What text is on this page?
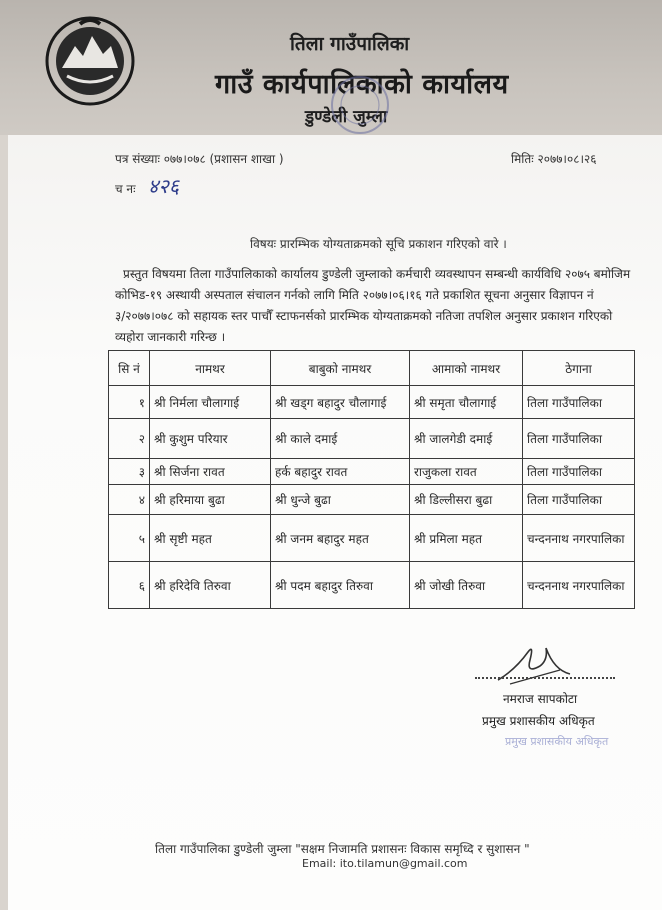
तिला गाउँपालिका
गाउँ कार्यपालिकाको कार्यालय
डुण्डेली जुम्ला
पत्र संख्याः ०७७।०७८ (प्रशासन शाखा )	मितिः २०७७।०८।२६
च नः ४२६
विषयः प्रारम्भिक योग्यताक्रमको सूचि प्रकाशन गरिएको वारे ।
प्रस्तुत विषयमा तिला गाउँपालिकाको कार्यालय डुण्डेली जुम्लाको कर्मचारी व्यवस्थापन सम्बन्धी कार्यविधि २०७५ बमोजिम कोभिड-१९ अस्थायी अस्पताल संचालन गर्नको लागि मिति २०७७।०६।१६ गते प्रकाशित सूचना अनुसार विज्ञापन नं ३/२०७७।०७८ को सहायक स्तर पाचौँ स्टाफनर्सको प्रारम्भिक योग्यताक्रमको नतिजा तपशिल अनुसार प्रकाशन गरिएको व्यहोरा जानकारी गरिन्छ ।
सि नं	नामथर	बाबुको नामथर	आमाको नामथर	ठेगाना
१	श्री निर्मला चौलागाई	श्री खड्ग बहादुर चौलागाई	श्री समृता चौलागाई	तिला गाउँपालिका
२	श्री कुशुम परियार	श्री काले दमाई	श्री जालगेडी दमाई	तिला गाउँपालिका
३	श्री सिर्जना रावत	हर्क बहादुर रावत	राजुकला रावत	तिला गाउँपालिका
४	श्री हरिमाया बुढा	श्री धुन्जे बुढा	श्री डिल्लीसरा बुढा	तिला गाउँपालिका
५	श्री सृष्टी महत	श्री जनम बहादुर महत	श्री प्रमिला महत	चन्दननाथ नगरपालिका
६	श्री हरिदेवि तिरुवा	श्री पदम बहादुर तिरुवा	श्री जोखी तिरुवा	चन्दननाथ नगरपालिका
नमराज सापकोटा
प्रमुख प्रशासकीय अधिकृत
प्रमुख प्रशासकीय अधिकृत
तिला गाउँपालिका डुण्डेली जुम्ला "सक्षम निजामति प्रशासनः विकास समृध्दि र सुशासन "
Email: ito.tilamun@gmail.com
